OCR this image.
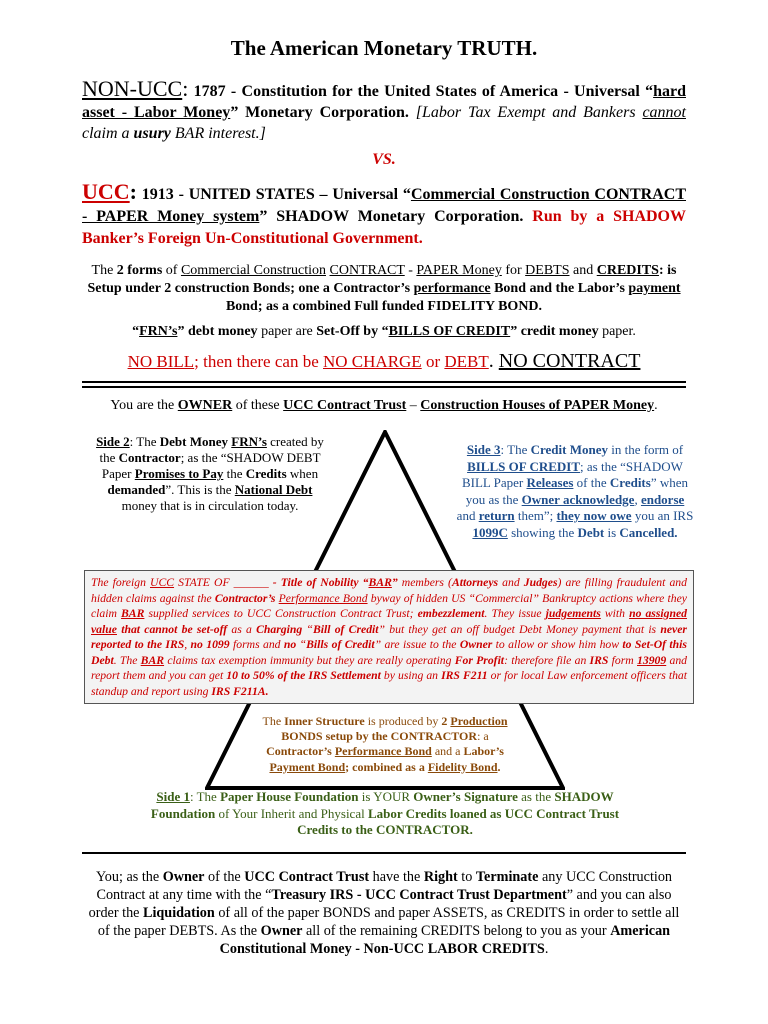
The American Monetary TRUTH.
NON-UCC: 1787 - Constitution for the United States of America - Universal “hard asset - Labor Money” Monetary Corporation. [Labor Tax Exempt and Bankers cannot claim a usury BAR interest.]
VS.
UCC: 1913 - UNITED STATES – Universal “Commercial Construction CONTRACT - PAPER Money system” SHADOW Monetary Corporation. Run by a SHADOW Banker’s Foreign Un-Constitutional Government.
The 2 forms of Commercial Construction CONTRACT - PAPER Money for DEBTS and CREDITS: is Setup under 2 construction Bonds; one a Contractor’s performance Bond and the Labor’s payment Bond; as a combined Full funded FIDELITY BOND.
“FRN’s” debt money paper are Set-Off by “BILLS OF CREDIT” credit money paper.
NO BILL; then there can be NO CHARGE or DEBT. NO CONTRACT
You are the OWNER of these UCC Contract Trust – Construction Houses of PAPER Money.
Side 2: The Debt Money FRN’s created by the Contractor; as the “SHADOW DEBT Paper Promises to Pay the Credits when demanded”. This is the National Debt money that is in circulation today.
Side 3: The Credit Money in the form of BILLS OF CREDIT; as the “SHADOW BILL Paper Releases of the Credits” when you as the Owner acknowledge, endorse and return them”; they now owe you an IRS 1099C showing the Debt is Cancelled.
The foreign UCC STATE OF ______ - Title of Nobility “BAR” members (Attorneys and Judges) are filling fraudulent and hidden claims against the Contractor’s Performance Bond byway of hidden US “Commercial” Bankruptcy actions where they claim BAR supplied services to UCC Construction Contract Trust; embezzlement. They issue judgements with no assigned value that cannot be set-off as a Charging “Bill of Credit” but they get an off budget Debt Money payment that is never reported to the IRS, no 1099 forms and no “Bills of Credit” are issue to the Owner to allow or show him how to Set-Of this Debt. The BAR claims tax exemption immunity but they are really operating For Profit: therefore file an IRS form 13909 and report them and you can get 10 to 50% of the IRS Settlement by using an IRS F211 or for local Law enforcement officers that standup and report using IRS F211A.
The Inner Structure is produced by 2 Production BONDS setup by the CONTRACTOR: a Contractor’s Performance Bond and a Labor’s Payment Bond; combined as a Fidelity Bond.
Side 1: The Paper House Foundation is YOUR Owner’s Signature as the SHADOW Foundation of Your Inherit and Physical Labor Credits loaned as UCC Contract Trust Credits to the CONTRACTOR.
You; as the Owner of the UCC Contract Trust have the Right to Terminate any UCC Construction Contract at any time with the “Treasury IRS - UCC Contract Trust Department” and you can also order the Liquidation of all of the paper BONDS and paper ASSETS, as CREDITS in order to settle all of the paper DEBTS. As the Owner all of the remaining CREDITS belong to you as your American Constitutional Money - Non-UCC LABOR CREDITS.
